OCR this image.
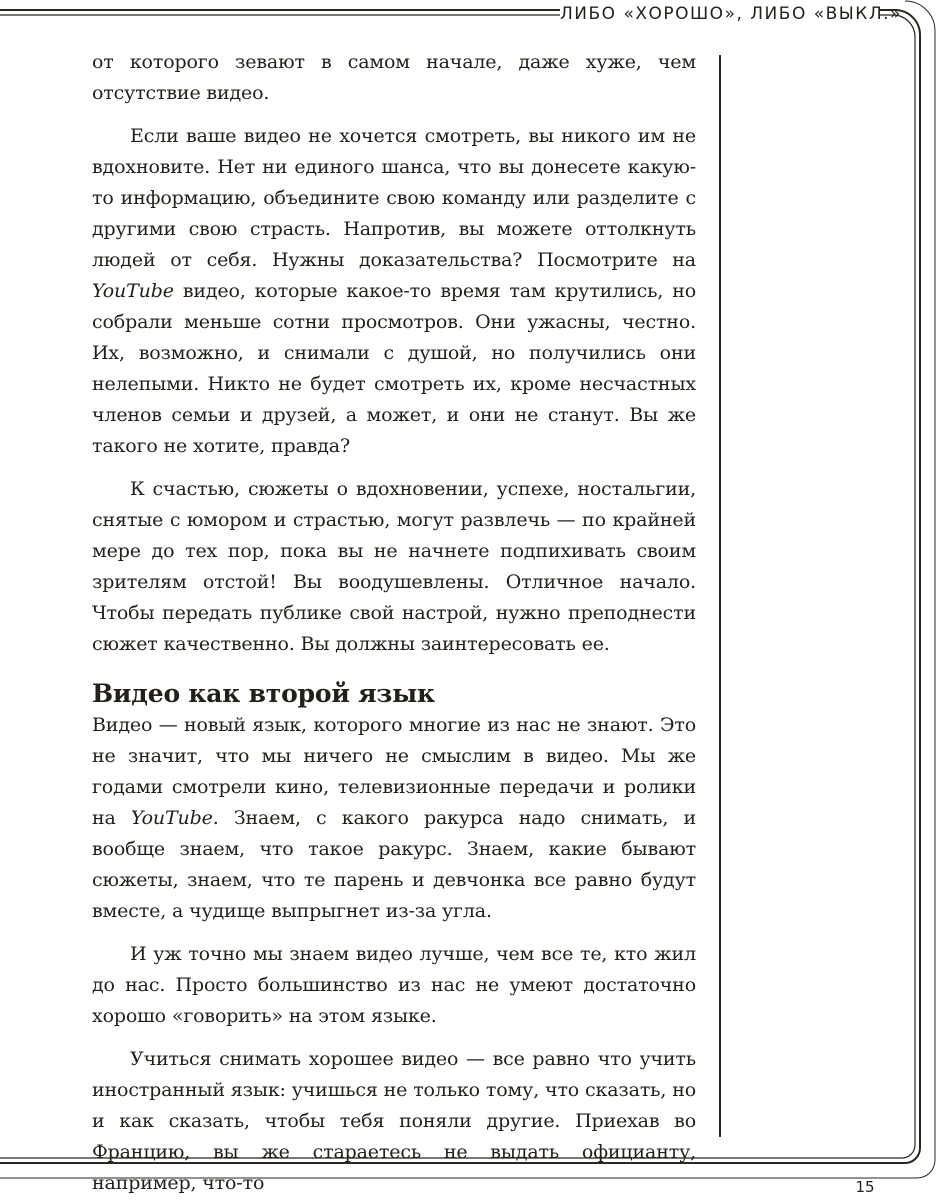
ЛИБО «ХОРОШО», ЛИБО «ВЫКЛ.»

от которого зевают в самом начале, даже хуже, чем отсутствие видео.

Если ваше видео не хочется смотреть, вы никого им не вдохновите. Нет ни единого шанса, что вы донесете какую-то информацию, объедините свою команду или разделите с другими свою страсть. Напротив, вы можете оттолкнуть людей от себя. Нужны доказательства? Посмотрите на YouTube видео, которые какое-то время там крутились, но собрали меньше сотни просмотров. Они ужасны, честно. Их, возможно, и снимали с душой, но получились они нелепыми. Никто не будет смотреть их, кроме несчастных членов семьи и друзей, а может, и они не станут. Вы же такого не хотите, правда?

К счастью, сюжеты о вдохновении, успехе, ностальгии, снятые с юмором и страстью, могут развлечь — по крайней мере до тех пор, пока вы не начнете подпихивать своим зрителям отстой! Вы воодушевлены. Отличное начало. Чтобы передать публике свой настрой, нужно преподнести сюжет качественно. Вы должны заинтересовать ее.

Видео как второй язык

Видео — новый язык, которого многие из нас не знают. Это не значит, что мы ничего не смыслим в видео. Мы же годами смотрели кино, телевизионные передачи и ролики на YouTube. Знаем, с какого ракурса надо снимать, и вообще знаем, что такое ракурс. Знаем, какие бывают сюжеты, знаем, что те парень и девчонка все равно будут вместе, а чудище выпрыгнет из-за угла.

И уж точно мы знаем видео лучше, чем все те, кто жил до нас. Просто большинство из нас не умеют достаточно хорошо «говорить» на этом языке.

Учиться снимать хорошее видео — все равно что учить иностранный язык: учишься не только тому, что сказать, но и как сказать, чтобы тебя поняли другие. Приехав во Францию, вы же стараетесь не выдать официанту, например, что-то	15
